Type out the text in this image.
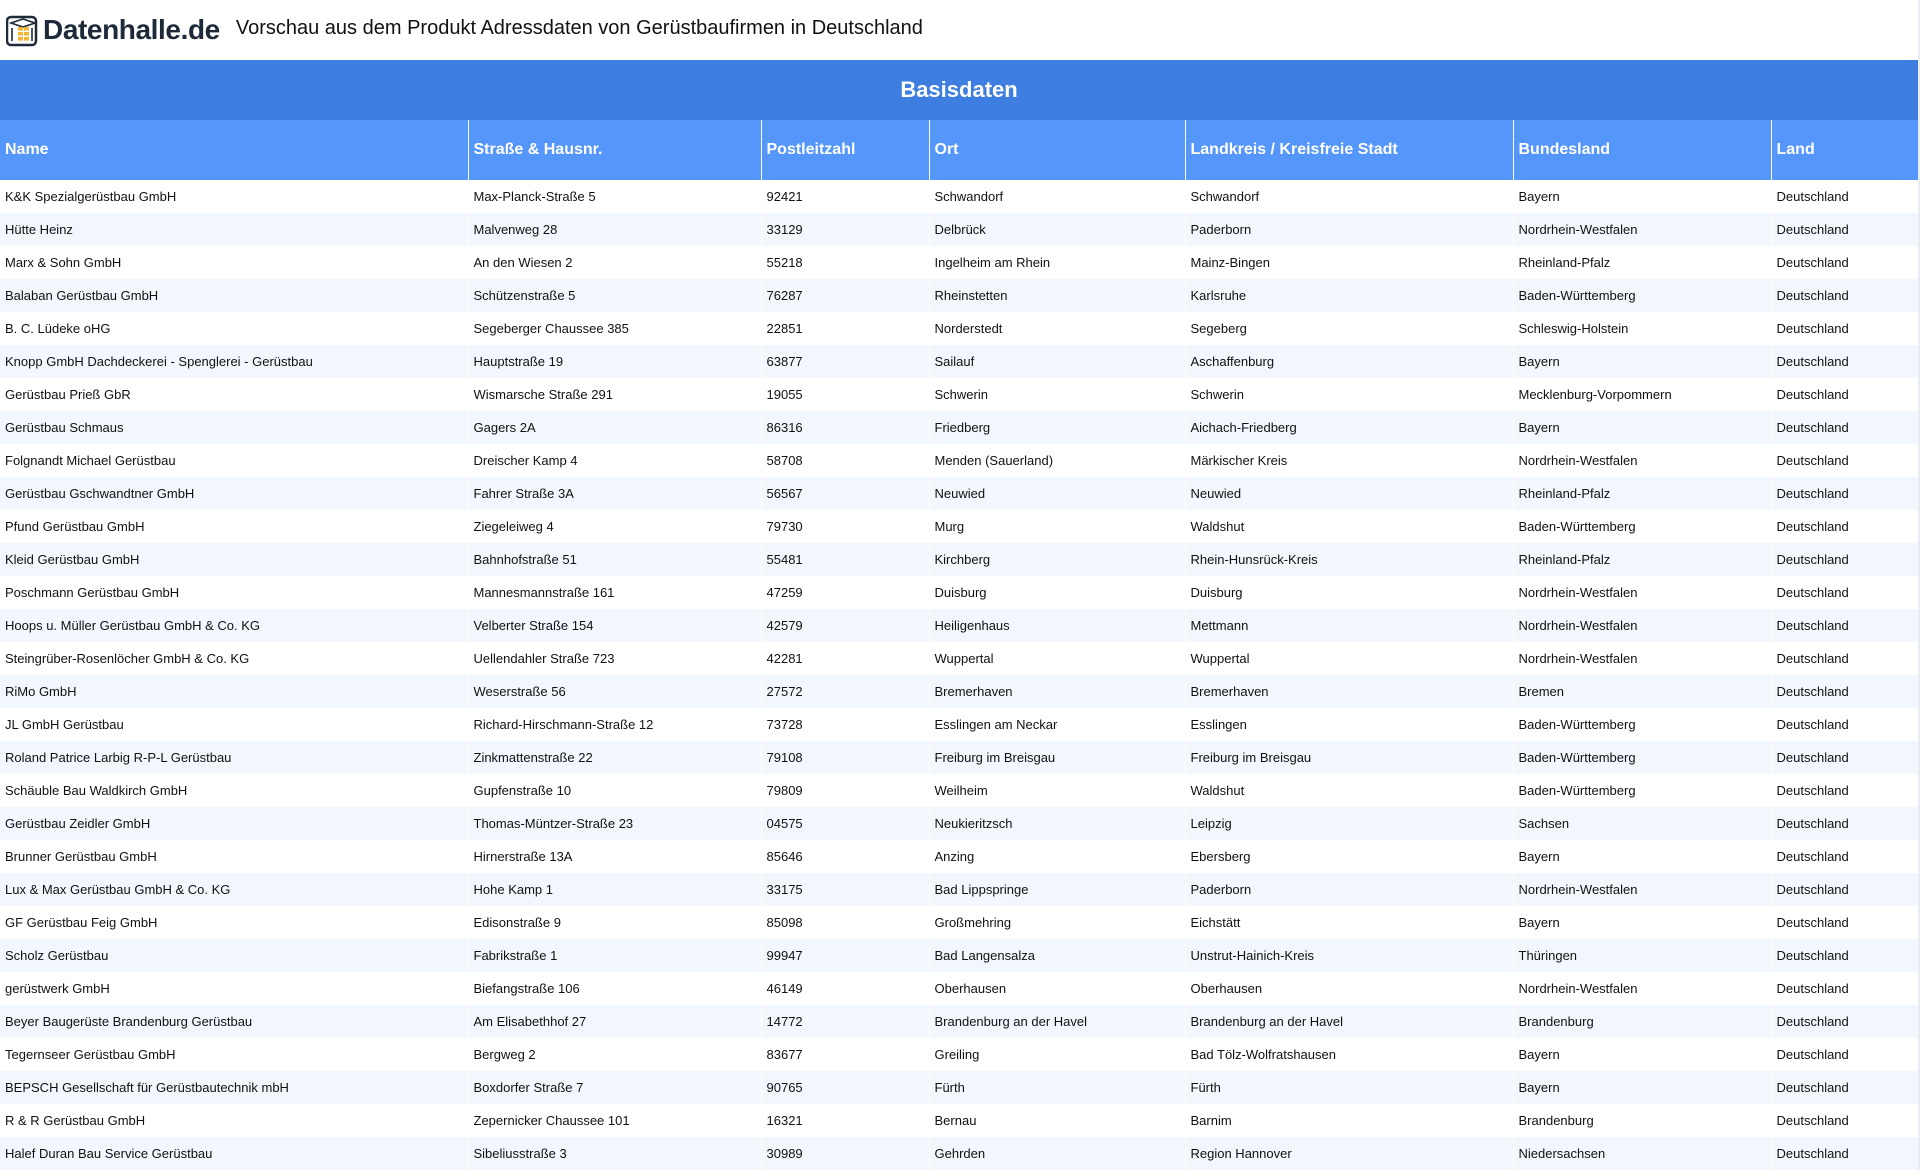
Datenhalle.de Vorschau aus dem Produkt Adressdaten von Gerüstbaufirmen in Deutschland
Basisdaten						
Name	Straße & Hausnr.	Postleitzahl	Ort	Landkreis / Kreisfreie Stadt	Bundesland	Land
K&K Spezialgerüstbau GmbH	Max-Planck-Straße 5	92421	Schwandorf	Schwandorf	Bayern	Deutschland
Hütte Heinz	Malvenweg 28	33129	Delbrück	Paderborn	Nordrhein-Westfalen	Deutschland
Marx & Sohn GmbH	An den Wiesen 2	55218	Ingelheim am Rhein	Mainz-Bingen	Rheinland-Pfalz	Deutschland
Balaban Gerüstbau GmbH	Schützenstraße 5	76287	Rheinstetten	Karlsruhe	Baden-Württemberg	Deutschland
B. C. Lüdeke oHG	Segeberger Chaussee 385	22851	Norderstedt	Segeberg	Schleswig-Holstein	Deutschland
Knopp GmbH Dachdeckerei - Spenglerei - Gerüstbau	Hauptstraße 19	63877	Sailauf	Aschaffenburg	Bayern	Deutschland
Gerüstbau Prieß GbR	Wismarsche Straße 291	19055	Schwerin	Schwerin	Mecklenburg-Vorpommern	Deutschland
Gerüstbau Schmaus	Gagers 2A	86316	Friedberg	Aichach-Friedberg	Bayern	Deutschland
Folgnandt Michael Gerüstbau	Dreischer Kamp 4	58708	Menden (Sauerland)	Märkischer Kreis	Nordrhein-Westfalen	Deutschland
Gerüstbau Gschwandtner GmbH	Fahrer Straße 3A	56567	Neuwied	Neuwied	Rheinland-Pfalz	Deutschland
Pfund Gerüstbau GmbH	Ziegeleiweg 4	79730	Murg	Waldshut	Baden-Württemberg	Deutschland
Kleid Gerüstbau GmbH	Bahnhofstraße 51	55481	Kirchberg	Rhein-Hunsrück-Kreis	Rheinland-Pfalz	Deutschland
Poschmann Gerüstbau GmbH	Mannesmannstraße 161	47259	Duisburg	Duisburg	Nordrhein-Westfalen	Deutschland
Hoops u. Müller Gerüstbau GmbH & Co. KG	Velberter Straße 154	42579	Heiligenhaus	Mettmann	Nordrhein-Westfalen	Deutschland
Steingrüber-Rosenlöcher GmbH & Co. KG	Uellendahler Straße 723	42281	Wuppertal	Wuppertal	Nordrhein-Westfalen	Deutschland
RiMo GmbH	Weserstraße 56	27572	Bremerhaven	Bremerhaven	Bremen	Deutschland
JL GmbH Gerüstbau	Richard-Hirschmann-Straße 12	73728	Esslingen am Neckar	Esslingen	Baden-Württemberg	Deutschland
Roland Patrice Larbig R-P-L Gerüstbau	Zinkmattenstraße 22	79108	Freiburg im Breisgau	Freiburg im Breisgau	Baden-Württemberg	Deutschland
Schäuble Bau Waldkirch GmbH	Gupfenstraße 10	79809	Weilheim	Waldshut	Baden-Württemberg	Deutschland
Gerüstbau Zeidler GmbH	Thomas-Müntzer-Straße 23	04575	Neukieritzsch	Leipzig	Sachsen	Deutschland
Brunner Gerüstbau GmbH	Hirnerstraße 13A	85646	Anzing	Ebersberg	Bayern	Deutschland
Lux & Max Gerüstbau GmbH & Co. KG	Hohe Kamp 1	33175	Bad Lippspringe	Paderborn	Nordrhein-Westfalen	Deutschland
GF Gerüstbau Feig GmbH	Edisonstraße 9	85098	Großmehring	Eichstätt	Bayern	Deutschland
Scholz Gerüstbau	Fabrikstraße 1	99947	Bad Langensalza	Unstrut-Hainich-Kreis	Thüringen	Deutschland
gerüstwerk GmbH	Biefangstraße 106	46149	Oberhausen	Oberhausen	Nordrhein-Westfalen	Deutschland
Beyer Baugerüste Brandenburg Gerüstbau	Am Elisabethhof 27	14772	Brandenburg an der Havel	Brandenburg an der Havel	Brandenburg	Deutschland
Tegernseer Gerüstbau GmbH	Bergweg 2	83677	Greiling	Bad Tölz-Wolfratshausen	Bayern	Deutschland
BEPSCH Gesellschaft für Gerüstbautechnik mbH	Boxdorfer Straße 7	90765	Fürth	Fürth	Bayern	Deutschland
R & R Gerüstbau GmbH	Zepernicker Chaussee 101	16321	Bernau	Barnim	Brandenburg	Deutschland
Halef Duran Bau Service Gerüstbau	Sibeliusstraße 3	30989	Gehrden	Region Hannover	Niedersachsen	Deutschland
